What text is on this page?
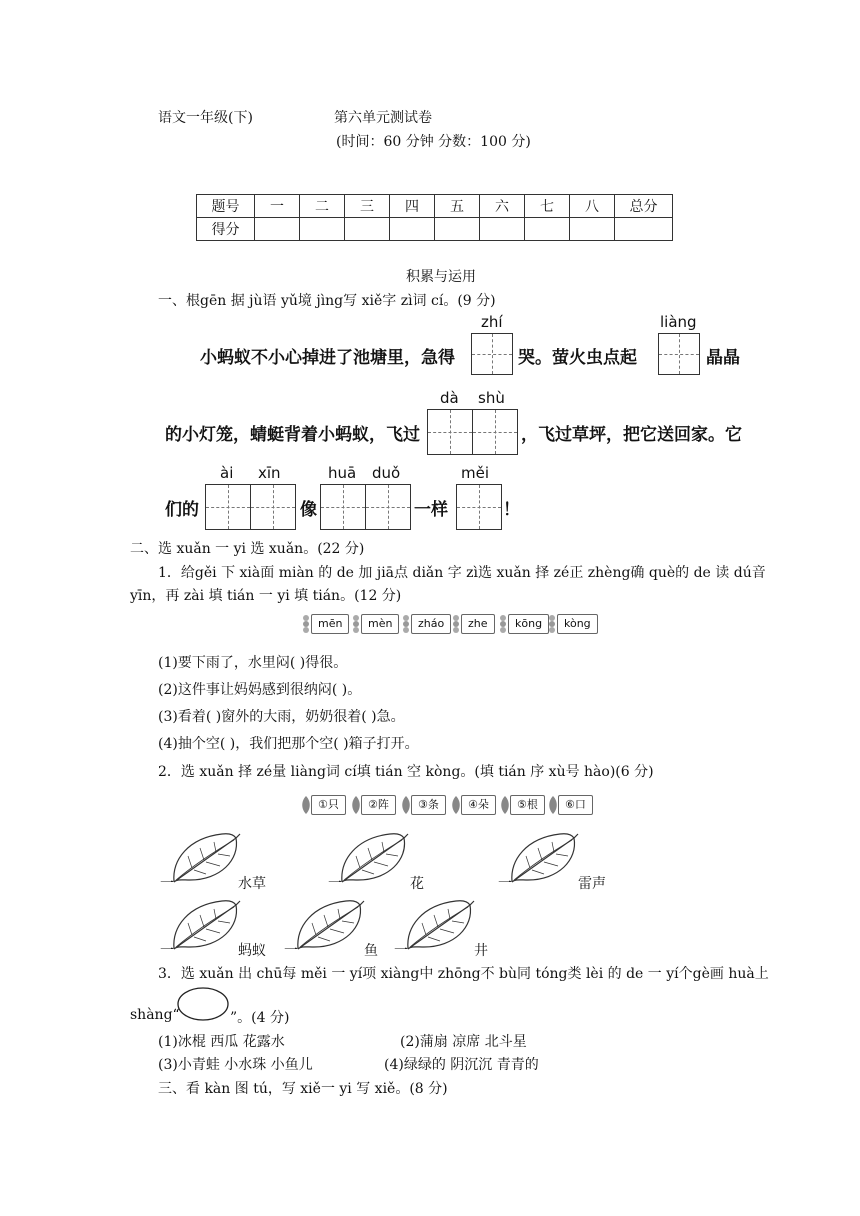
语文一年级(下)	第六单元测试卷
(时间：60 分钟 分数：100 分)
题号	一	二	三	四	五	六	七	八	总分
得分									
积累与运用
一、根gēn 据 jù语 yǔ境 jìng写 xiě字 zì词 cí。(9 分)
zhí	liàng
小蚂蚁不小心掉进了池塘里，急得	哭。萤火虫点起	晶晶
dà shù
的小灯笼，蜻蜓背着小蚂蚁，飞过	，飞过草坪，把它送回家。它
ài xīn	huā duǒ	měi
们的	像	一样	！
二、选 xuǎn 一 yi 选 xuǎn。(22 分)
1．给gěi 下 xià面 miàn 的 de 加 jiā点 diǎn 字 zì选 xuǎn 择 zé正 zhèng确 què的 de 读 dú音
yīn，再 zài 填 tián 一 yi 填 tián。(12 分)
mēn	mèn	zháo	zhe	kōng	kòng
(1)要下雨了，水里闷( )得很。
(2)这件事让妈妈感到很纳闷( )。
(3)看着( )窗外的大雨，奶奶很着( )急。
(4)抽个空( )，我们把那个空( )箱子打开。
2．选 xuǎn 择 zé量 liàng词 cí填 tián 空 kòng。(填 tián 序 xù号 hào)(6 分)
①只	②阵	③条	④朵	⑤根	⑥口
一	水草	一	花	一	雷声
一	蚂蚁 一	鱼 一	井
3．选 xuǎn 出 chū每 měi 一 yí项 xiàng中 zhōng不 bù同 tóng类 lèi 的 de 一 yí个gè画 huà上
shàng“	”。(4 分)
(1)冰棍 西瓜 花露水	(2)蒲扇 凉席 北斗星
(3)小青蛙 小水珠 小鱼儿	(4)绿绿的 阴沉沉 青青的
三、看 kàn 图 tú，写 xiě一 yi 写 xiě。(8 分)
